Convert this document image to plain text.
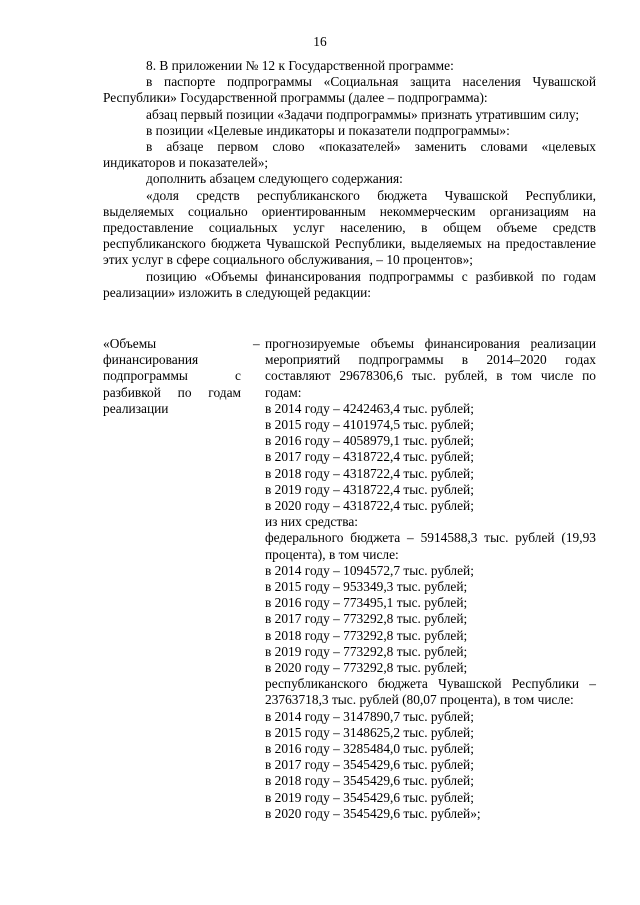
16

8. В приложении № 12 к Государственной программе:

в паспорте подпрограммы «Социальная защита населения Чувашской Республики» Государственной программы (далее – подпрограмма):

абзац первый позиции «Задачи подпрограммы» признать утратившим силу;

в позиции «Целевые индикаторы и показатели подпрограммы»:

в абзаце первом слово «показателей» заменить словами «целевых индикаторов и показателей»;

дополнить абзацем следующего содержания:

«доля средств республиканского бюджета Чувашской Республики, выделяемых социально ориентированным некоммерческим организациям на предоставление социальных услуг населению, в общем объеме средств республиканского бюджета Чувашской Республики, выделяемых на предоставление этих услуг в сфере социального обслуживания, – 10 процентов»;

позицию «Объемы финансирования подпрограммы с разбивкой по годам реализации» изложить в следующей редакции:

«Объемы финансирования подпрограммы с разбивкой по годам реализации
– прогнозируемые объемы финансирования реализации мероприятий подпрограммы в 2014–2020 годах составляют 29678306,6 тыс. рублей, в том числе по годам:
в 2014 году – 4242463,4 тыс. рублей;
в 2015 году – 4101974,5 тыс. рублей;
в 2016 году – 4058979,1 тыс. рублей;
в 2017 году – 4318722,4 тыс. рублей;
в 2018 году – 4318722,4 тыс. рублей;
в 2019 году – 4318722,4 тыс. рублей;
в 2020 году – 4318722,4 тыс. рублей;
из них средства:
федерального бюджета – 5914588,3 тыс. рублей (19,93 процента), в том числе:
в 2014 году – 1094572,7 тыс. рублей;
в 2015 году – 953349,3 тыс. рублей;
в 2016 году – 773495,1 тыс. рублей;
в 2017 году – 773292,8 тыс. рублей;
в 2018 году – 773292,8 тыс. рублей;
в 2019 году – 773292,8 тыс. рублей;
в 2020 году – 773292,8 тыс. рублей;
республиканского бюджета Чувашской Республики – 23763718,3 тыс. рублей (80,07 процента), в том числе:
в 2014 году – 3147890,7 тыс. рублей;
в 2015 году – 3148625,2 тыс. рублей;
в 2016 году – 3285484,0 тыс. рублей;
в 2017 году – 3545429,6 тыс. рублей;
в 2018 году – 3545429,6 тыс. рублей;
в 2019 году – 3545429,6 тыс. рублей;
в 2020 году – 3545429,6 тыс. рублей»;
